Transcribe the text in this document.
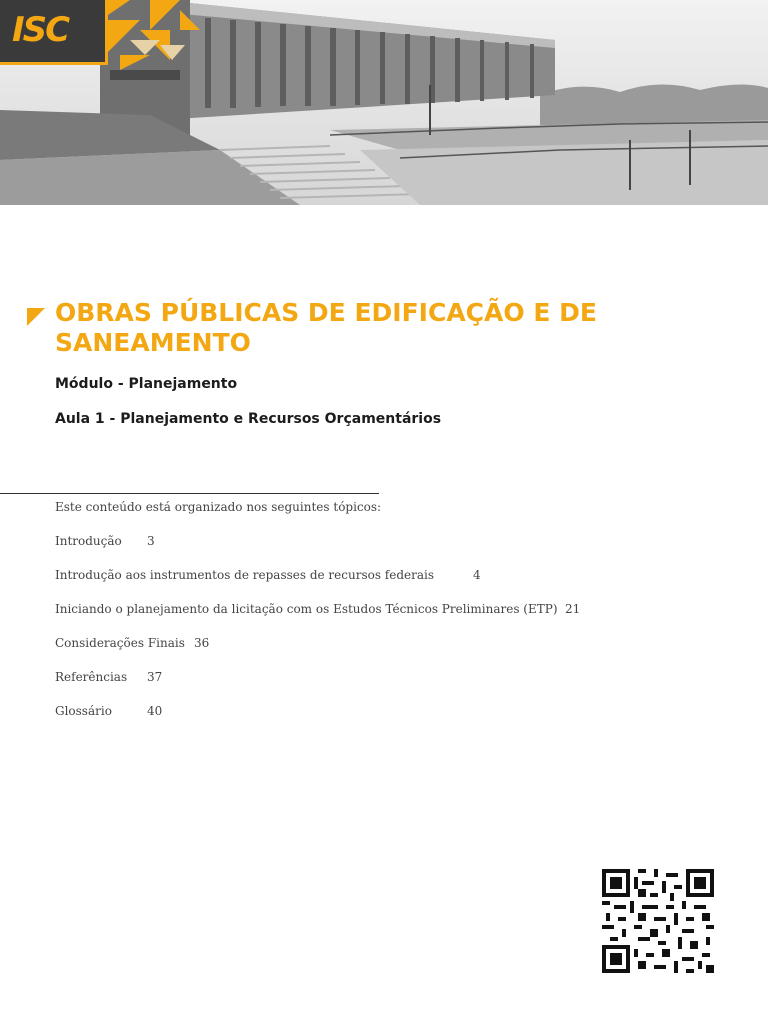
ISC
OBRAS PÚBLICAS DE EDIFICAÇÃO E DE SANEAMENTO

Módulo - Planejamento

Aula 1 - Planejamento e Recursos Orçamentários

Este conteúdo está organizado nos seguintes tópicos:
Introdução 3
Introdução aos instrumentos de repasses de recursos federais	4
Iniciando o planejamento da licitação com os Estudos Técnicos Preliminares (ETP) 21
Considerações Finais 36
Referências 37
Glossário	40
